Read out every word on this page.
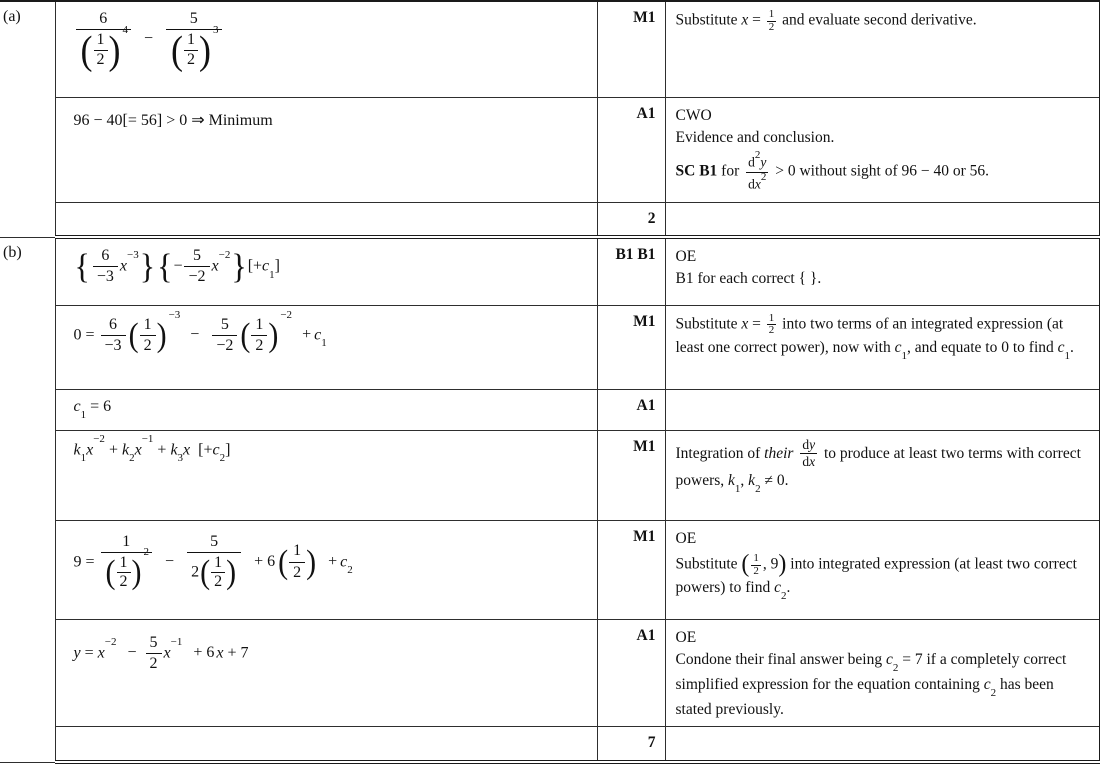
(a)	$\frac{6}{( \frac{1}{2} ) ^4} - \frac{5}{( \frac{1}{2} ) ^3}$	M1	Substitute $x = \frac{1}{2}$ and evaluate second derivative.
96 − 40[= 56] > 0 ⇒ Minimum	A1	CWO
Evidence and conclusion.
SC B1 for $\frac{d^2y}{dx^2} > 0$ without sight of 96 − 40 or 56.

		2	
(b)	{ $\frac{6}{-3} x^{-3}\}\{- \frac{5}{-2} x^{-2}\}[+c_1]$	B1 B1	OE
B1 for each correct { }.

$0 = \frac{6}{-3}$ ( $\frac{1}{2} )^{-3} - \frac{5}{-2}$ ( $\frac{1}{2} )^{-2} + c_1$	M1	Substitute $x = \frac{1}{2}$ into two terms of an integrated expression (at least one correct power), now with $c_1$, and equate to 0 to find $c_1$.
	$c_1 = 6$	A1	
	$k_1x^{-2} + k_2x^{-1} + k_3x$ $[+c_2]$	M1	Integration of their $\frac{dy}{dx}$ to produce at least two terms with correct powers, $k_1$, $k_2 \ne 0$.
$9 = \frac{1}{( \frac{1}{2} )^2} - \frac{5}{2( \frac{1}{2} )} + 6$ ( $\frac{1}{2}$ ) + $c_2$	M1	OE
Substitute ( $\frac{1}{2}$ , 9) into integrated expression (at least two correct powers) to find $c_2$.

	$y = x^{-2} - \frac{5}{2} x^{-1} + 6$ x + 7	A1	OE
Condone their final answer being $c_2 = 7$ if a completely correct simplified expression for the equation containing $c_2$ has been stated previously.

		7	
